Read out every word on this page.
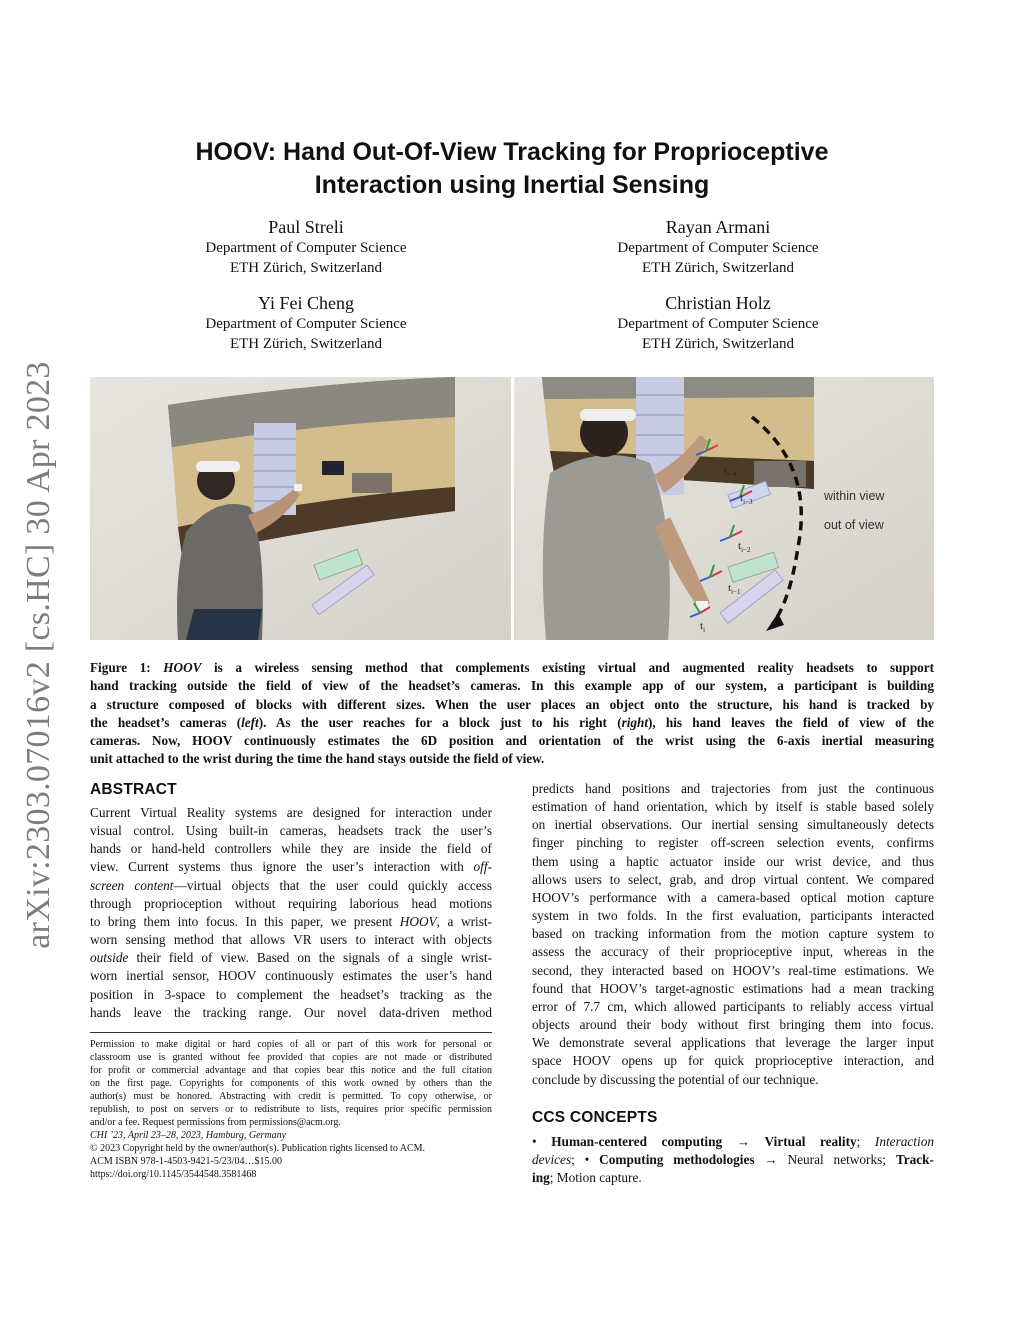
arXiv:2303.07016v2 [cs.HC] 30 Apr 2023
HOOV: Hand Out-Of-View Tracking for Proprioceptive
Interaction using Inertial Sensing
Paul Streli
Department of Computer Science
ETH Zürich, Switzerland
Rayan Armani
Department of Computer Science
ETH Zürich, Switzerland
Yi Fei Cheng
Department of Computer Science
ETH Zürich, Switzerland
Christian Holz
Department of Computer Science
ETH Zürich, Switzerland
$t_{i-4}$
$t_{i-3}$
$t_{i-2}$
$t_{i-1}$
$t_i$
within view
out of view
Figure 1: HOOV is a wireless sensing method that complements existing virtual and augmented reality headsets to support
hand tracking outside the field of view of the headset’s cameras. In this example app of our system, a participant is building
a structure composed of blocks with different sizes. When the user places an object onto the structure, his hand is tracked by
the headset’s cameras (left). As the user reaches for a block just to his right (right), his hand leaves the field of view of the
cameras. Now, HOOV continuously estimates the 6D position and orientation of the wrist using the 6-axis inertial measuring
unit attached to the wrist during the time the hand stays outside the field of view.
ABSTRACT
Current Virtual Reality systems are designed for interaction under
visual control. Using built-in cameras, headsets track the user’s
hands or hand-held controllers while they are inside the field of
view. Current systems thus ignore the user’s interaction with off-
screen content—virtual objects that the user could quickly access
through proprioception without requiring laborious head motions
to bring them into focus. In this paper, we present HOOV, a wrist-
worn sensing method that allows VR users to interact with objects
outside their field of view. Based on the signals of a single wrist-
worn inertial sensor, HOOV continuously estimates the user’s hand
position in 3-space to complement the headset’s tracking as the
hands leave the tracking range. Our novel data-driven method
predicts hand positions and trajectories from just the continuous
estimation of hand orientation, which by itself is stable based solely
on inertial observations. Our inertial sensing simultaneously detects
finger pinching to register off-screen selection events, confirms
them using a haptic actuator inside our wrist device, and thus
allows users to select, grab, and drop virtual content. We compared
HOOV’s performance with a camera-based optical motion capture
system in two folds. In the first evaluation, participants interacted
based on tracking information from the motion capture system to
assess the accuracy of their proprioceptive input, whereas in the
second, they interacted based on HOOV’s real-time estimations. We
found that HOOV’s target-agnostic estimations had a mean tracking
error of 7.7 cm, which allowed participants to reliably access virtual
objects around their body without first bringing them into focus.
We demonstrate several applications that leverage the larger input
space HOOV opens up for quick proprioceptive interaction, and
conclude by discussing the potential of our technique.
Permission to make digital or hard copies of all or part of this work for personal or
classroom use is granted without fee provided that copies are not made or distributed
for profit or commercial advantage and that copies bear this notice and the full citation
on the first page. Copyrights for components of this work owned by others than the
author(s) must be honored. Abstracting with credit is permitted. To copy otherwise, or
republish, to post on servers or to redistribute to lists, requires prior specific permission
and/or a fee. Request permissions from permissions@acm.org.
CHI ’23, April 23–28, 2023, Hamburg, Germany
© 2023 Copyright held by the owner/author(s). Publication rights licensed to ACM.
ACM ISBN 978-1-4503-9421-5/23/04…$15.00
https://doi.org/10.1145/3544548.3581468
CCS CONCEPTS
• Human-centered computing → Virtual reality; Interaction
devices; • Computing methodologies → Neural networks; Track-
ing; Motion capture.
